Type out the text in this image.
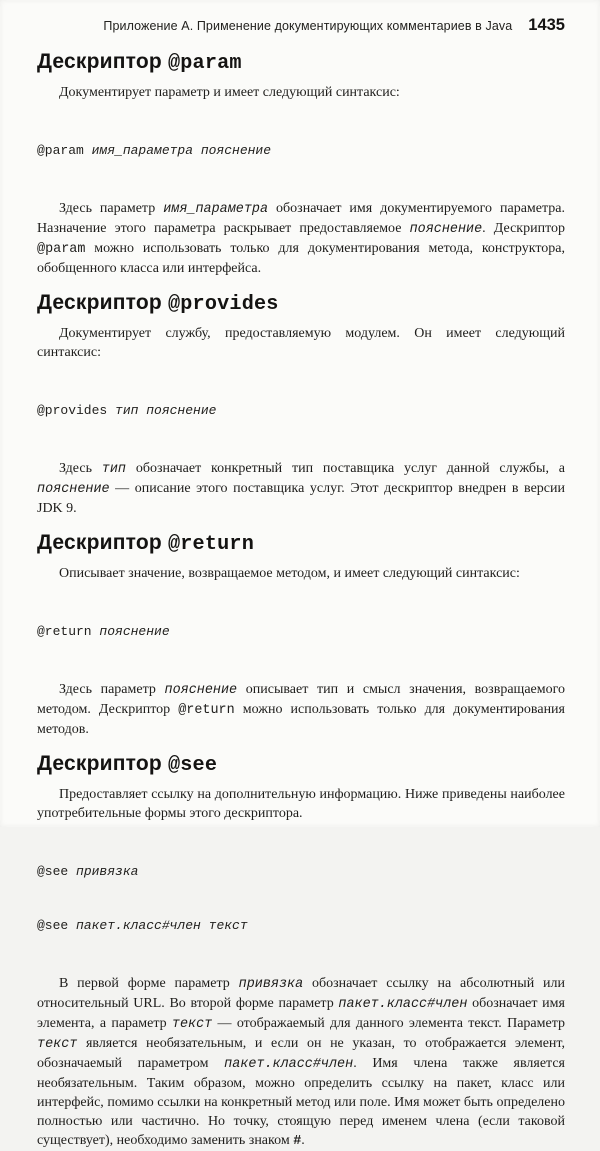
Приложение А. Применение документирующих комментариев в Java 1435
Дескриптор @param

Документирует параметр и имеет следующий синтаксис:

@param имя_параметра пояснение

Здесь параметр имя_параметра обозначает имя документируемого параметра. Назначение этого параметра раскрывает предоставляемое пояснение. Дескриптор @param можно использовать только для документирования метода, конструктора, обобщенного класса или интерфейса.

Дескриптор @provides

Документирует службу, предоставляемую модулем. Он имеет следующий синтаксис:

@provides тип пояснение

Здесь тип обозначает конкретный тип поставщика услуг данной службы, а пояснение — описание этого поставщика услуг. Этот дескриптор внедрен в версии JDK 9.

Дескриптор @return

Описывает значение, возвращаемое методом, и имеет следующий синтаксис:

@return пояснение

Здесь параметр пояснение описывает тип и смысл значения, возвращаемого методом. Дескриптор @return можно использовать только для документирования методов.

Дескриптор @see

Предоставляет ссылку на дополнительную информацию. Ниже приведены наиболее употребительные формы этого дескриптора.

@see привязка

@see пакет.класс#член текст

В первой форме параметр привязка обозначает ссылку на абсолютный или относительный URL. Во второй форме параметр пакет.класс#член обозначает имя элемента, а параметр текст — отображаемый для данного элемента текст. Параметр текст является необязательным, и если он не указан, то отображается элемент, обозначаемый параметром пакет.класс#член. Имя члена также является необязательным. Таким образом, можно определить ссылку на пакет, класс или интерфейс, помимо ссылки на конкретный метод или поле. Имя может быть определено полностью или частично. Но точку, стоящую перед именем члена (если таковой существует), необходимо заменить знаком #.
